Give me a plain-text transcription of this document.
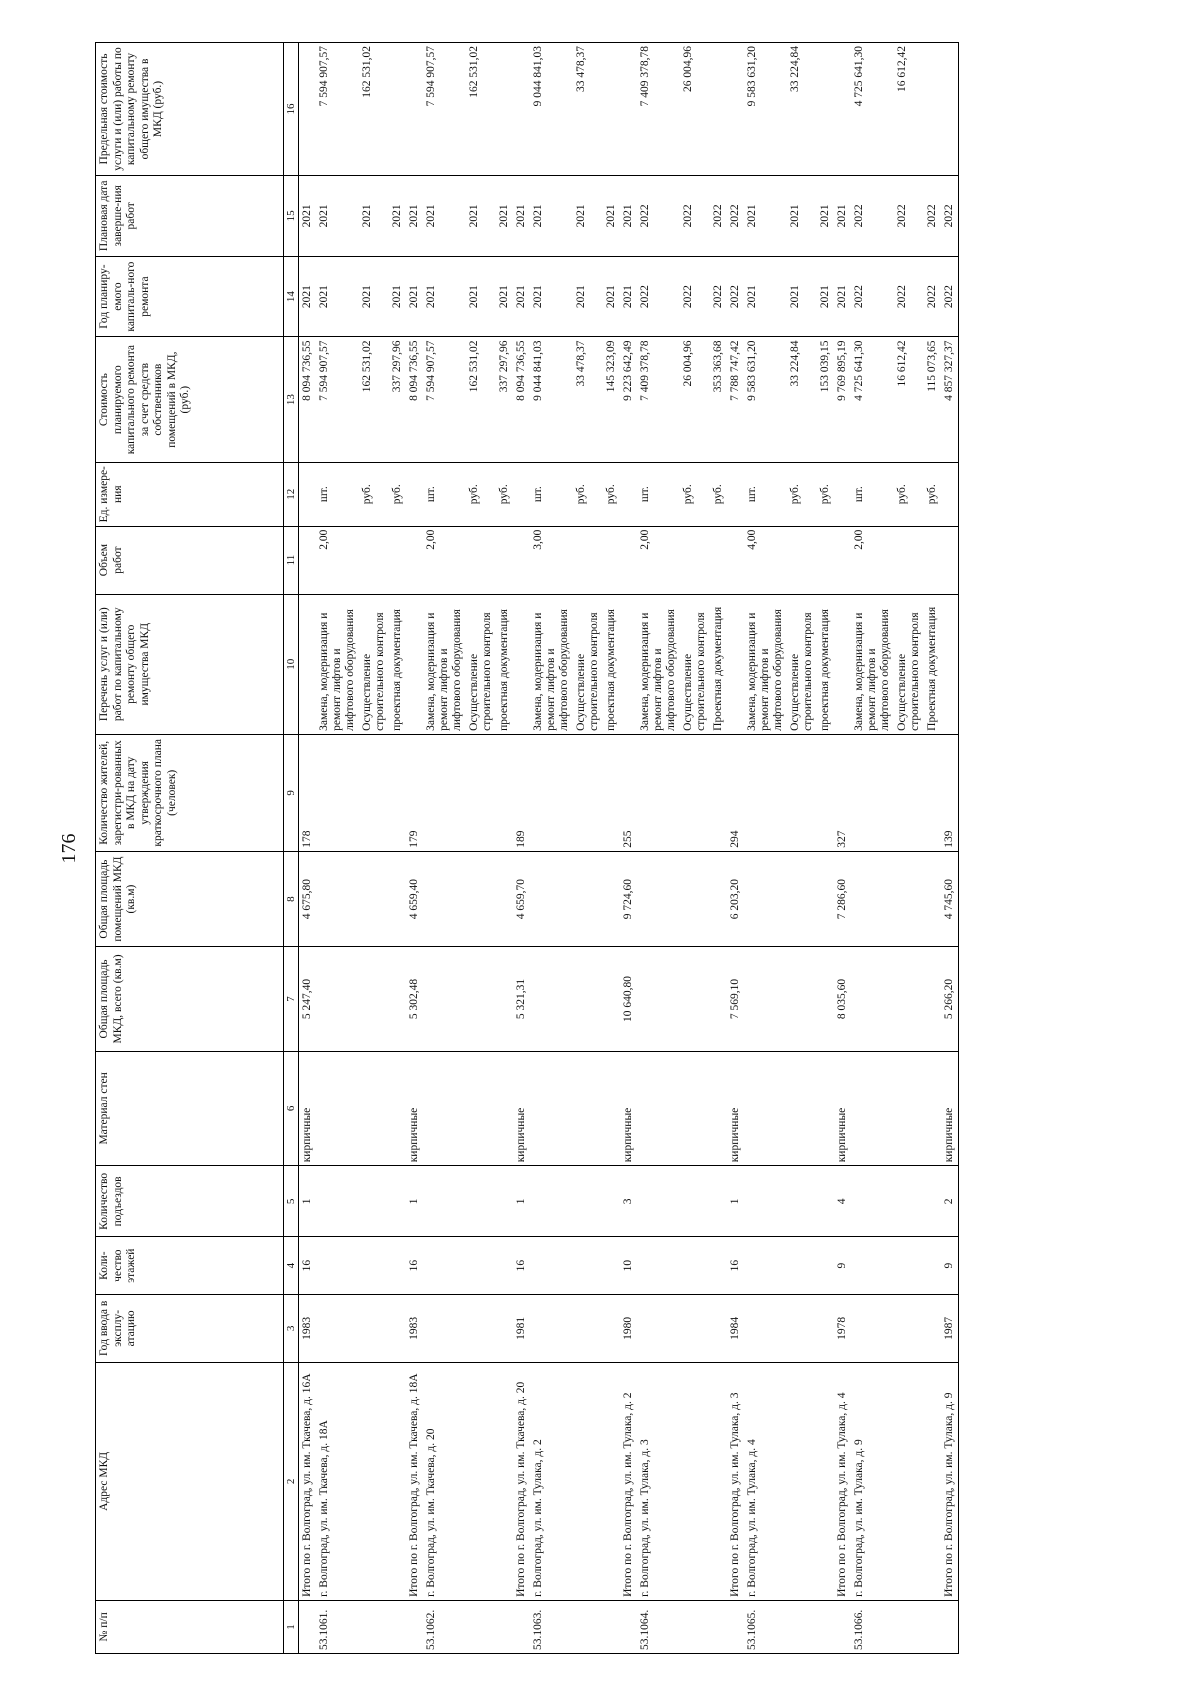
176
№ п/п	Адрес МКД	Год ввода в эксплу-атацию	Коли-чество этажей	Количество подъездов	Материал стен	Общая площадь МКД, всего (кв.м)	Общая площадь помещений МКД (кв.м)	Количество жителей, зарегистри-рованных в МКД на дату утверждения краткосрочного плана (человек)	Перечень услуг и (или) работ по капитальному ремонту общего имущества МКД	Объем работ	Ед. измере-ния	Стоимость планируемого капитального ремонта за счет средств собственников помещений в МКД, (руб.)	Год планиру-емого капиталь-ного ремонта	Плановая дата заверше-ния работ	Предельная стоимость услуги и (или) работы по капитальному ремонту общего имущества в МКД (руб.)
1	2	3	4	5	6	7	8	9	10	11	12	13	14	15	16
	Итого по г. Волгоград, ул. им. Ткачева, д. 16А	1983	16	1	кирпичные	5 247,40	4 675,80	178				8 094 736,55	2021	2021	
53.1061.	г. Волгоград, ул. им. Ткачева, д. 18А								Замена, модернизация и ремонт лифтов и лифтового оборудования	2,00	шт.	7 594 907,57	2021	2021	7 594 907,57
									Осуществление строительного контроля		руб.	162 531,02	2021	2021	162 531,02
									проектная документация		руб.	337 297,96	2021	2021	
	Итого по г. Волгоград, ул. им. Ткачева, д. 18А	1983	16	1	кирпичные	5 302,48	4 659,40	179				8 094 736,55	2021	2021	
53.1062.	г. Волгоград, ул. им. Ткачева, д. 20								Замена, модернизация и ремонт лифтов и лифтового оборудования	2,00	шт.	7 594 907,57	2021	2021	7 594 907,57
									Осуществление строительного контроля		руб.	162 531,02	2021	2021	162 531,02
									проектная документация		руб.	337 297,96	2021	2021	
	Итого по г. Волгоград, ул. им. Ткачева, д. 20	1981	16	1	кирпичные	5 321,31	4 659,70	189				8 094 736,55	2021	2021	
53.1063.	г. Волгоград, ул. им. Тулака, д. 2								Замена, модернизация и ремонт лифтов и лифтового оборудования	3,00	шт.	9 044 841,03	2021	2021	9 044 841,03
									Осуществление строительного контроля		руб.	33 478,37	2021	2021	33 478,37
									проектная документация		руб.	145 323,09	2021	2021	
	Итого по г. Волгоград, ул. им. Тулака, д. 2	1980	10	3	кирпичные	10 640,80	9 724,60	255				9 223 642,49	2021	2021	
53.1064.	г. Волгоград, ул. им. Тулака, д. 3								Замена, модернизация и ремонт лифтов и лифтового оборудования	2,00	шт.	7 409 378,78	2022	2022	7 409 378,78
									Осуществление строительного контроля		руб.	26 004,96	2022	2022	26 004,96
									Проектная документация		руб.	353 363,68	2022	2022	
	Итого по г. Волгоград, ул. им. Тулака, д. 3	1984	16	1	кирпичные	7 569,10	6 203,20	294				7 788 747,42	2022	2022	
53.1065.	г. Волгоград, ул. им. Тулака, д. 4								Замена, модернизация и ремонт лифтов и лифтового оборудования	4,00	шт.	9 583 631,20	2021	2021	9 583 631,20
									Осуществление строительного контроля		руб.	33 224,84	2021	2021	33 224,84
									проектная документация		руб.	153 039,15	2021	2021	
	Итого по г. Волгоград, ул. им. Тулака, д. 4	1978	9	4	кирпичные	8 035,60	7 286,60	327				9 769 895,19	2021	2021	
53.1066.	г. Волгоград, ул. им. Тулака, д. 9								Замена, модернизация и ремонт лифтов и лифтового оборудования	2,00	шт.	4 725 641,30	2022	2022	4 725 641,30
									Осуществление строительного контроля		руб.	16 612,42	2022	2022	16 612,42
									Проектная документация		руб.	115 073,65	2022	2022	
	Итого по г. Волгоград, ул. им. Тулака, д. 9	1987	9	2	кирпичные	5 266,20	4 745,60	139				4 857 327,37	2022	2022	
